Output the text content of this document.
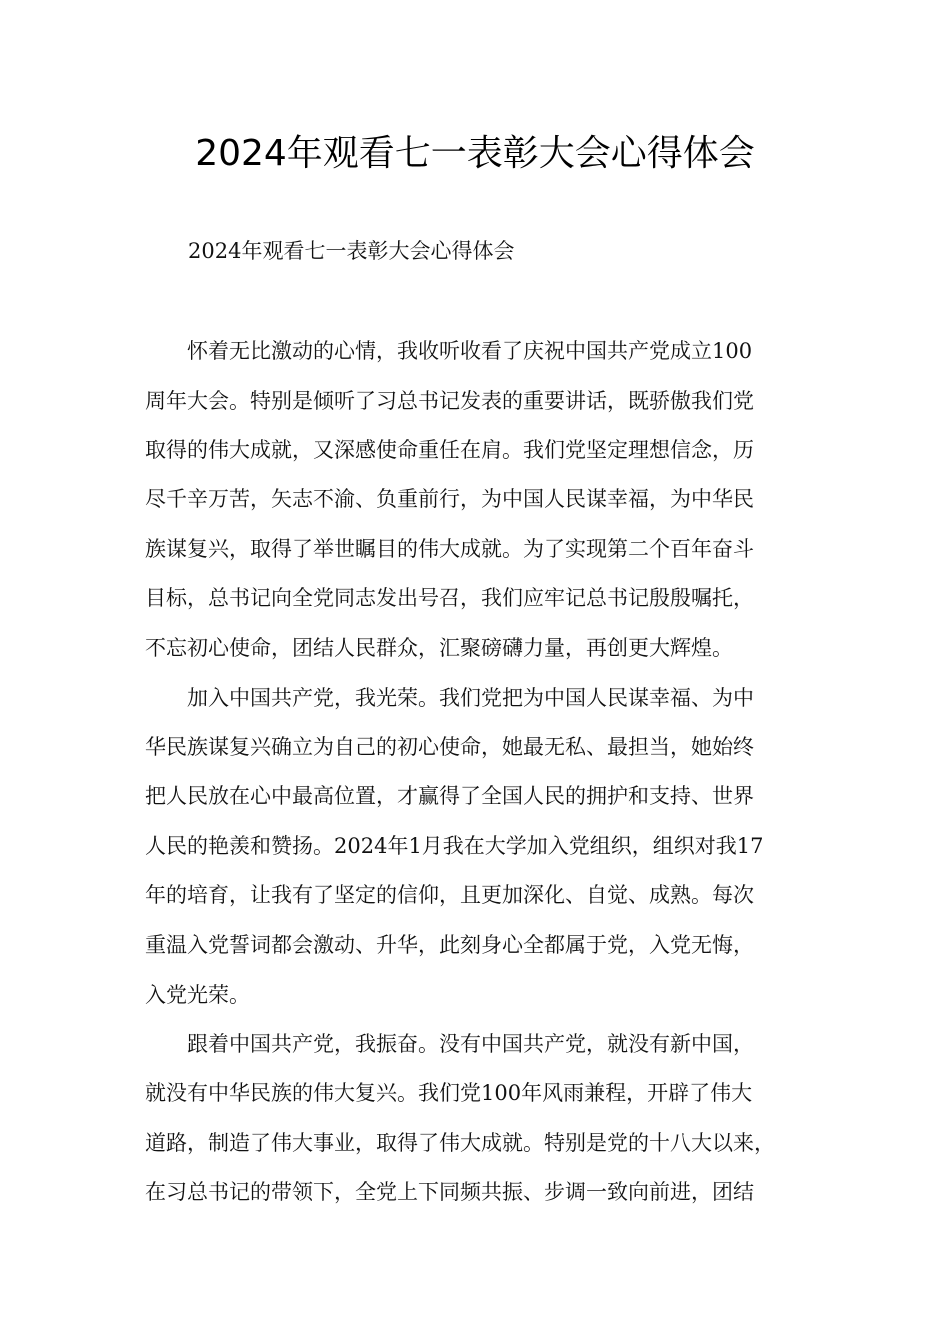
2024年观看七一表彰大会心得体会
2024年观看七一表彰大会心得体会
　　怀着无比激动的心情，我收听收看了庆祝中国共产党成立100
周年大会。特别是倾听了习总书记发表的重要讲话，既骄傲我们党
取得的伟大成就，又深感使命重任在肩。我们党坚定理想信念，历
尽千辛万苦，矢志不渝、负重前行，为中国人民谋幸福，为中华民
族谋复兴，取得了举世瞩目的伟大成就。为了实现第二个百年奋斗
目标，总书记向全党同志发出号召，我们应牢记总书记殷殷嘱托，
不忘初心使命，团结人民群众，汇聚磅礴力量，再创更大辉煌。
　　加入中国共产党，我光荣。我们党把为中国人民谋幸福、为中
华民族谋复兴确立为自己的初心使命，她最无私、最担当，她始终
把人民放在心中最高位置，才赢得了全国人民的拥护和支持、世界
人民的艳羡和赞扬。2024年1月我在大学加入党组织，组织对我17
年的培育，让我有了坚定的信仰，且更加深化、自觉、成熟。每次
重温入党誓词都会激动、升华，此刻身心全都属于党，入党无悔，
入党光荣。
　　跟着中国共产党，我振奋。没有中国共产党，就没有新中国，
就没有中华民族的伟大复兴。我们党100年风雨兼程，开辟了伟大
道路，制造了伟大事业，取得了伟大成就。特别是党的十八大以来，
在习总书记的带领下，全党上下同频共振、步调一致向前进，团结
